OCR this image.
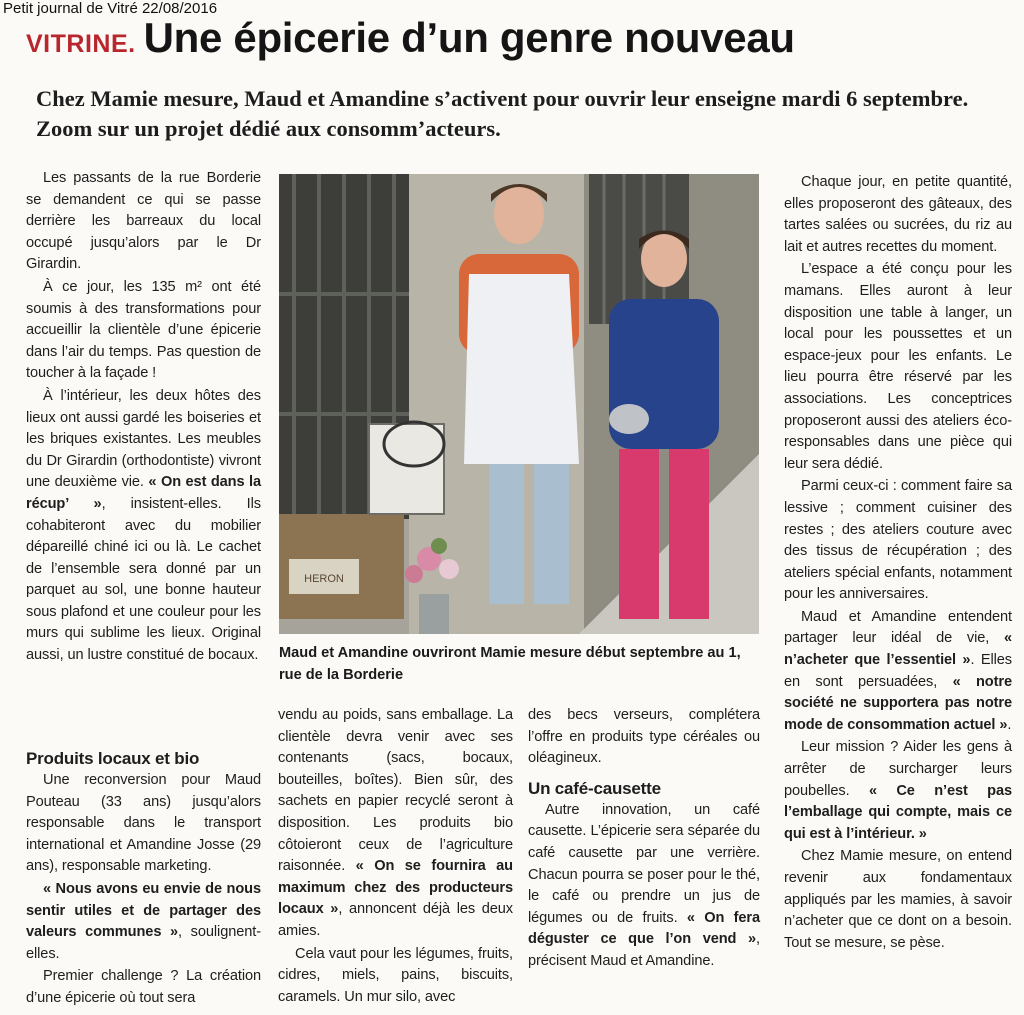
Petit journal de Vitré 22/08/2016
VITRINE. Une épicerie d’un genre nouveau
Chez Mamie mesure, Maud et Amandine s’activent pour ouvrir leur enseigne mardi 6 septembre. Zoom sur un projet dédié aux consomm’acteurs.

Les passants de la rue Borderie se demandent ce qui se passe derrière les barreaux du local occupé jusqu’alors par le Dr Girardin.

À ce jour, les 135 m² ont été soumis à des transformations pour accueillir la clientèle d’une épicerie dans l’air du temps. Pas question de toucher à la façade !

À l’intérieur, les deux hôtes des lieux ont aussi gardé les boiseries et les briques existantes. Les meubles du Dr Girardin (orthodontiste) vivront une deuxième vie. « On est dans la récup’ », insistent-elles. Ils cohabiteront avec du mobilier dépareillé chiné ici ou là. Le cachet de l’ensemble sera donné par un parquet au sol, une bonne hauteur sous plafond et une couleur pour les murs qui sublime les lieux. Original aussi, un lustre constitué de bocaux.

Produits locaux et bio

Une reconversion pour Maud Pouteau (33 ans) jusqu’alors responsable dans le transport international et Amandine Josse (29 ans), responsable marketing.

« Nous avons eu envie de nous sentir utiles et de partager des valeurs communes », soulignent-elles.

Premier challenge ? La création d’une épicerie où tout sera

HERON
Maud et Amandine ouvriront Mamie mesure début septembre au 1, rue de la Borderie

vendu au poids, sans emballage. La clientèle devra venir avec ses contenants (sacs, bocaux, bouteilles, boîtes). Bien sûr, des sachets en papier recyclé seront à disposition. Les produits bio côtoieront ceux de l’agriculture raisonnée. « On se fournira au maximum chez des producteurs locaux », annoncent déjà les deux amies.

Cela vaut pour les légumes, fruits, cidres, miels, pains, biscuits, caramels. Un mur silo, avec

des becs verseurs, complétera l’offre en produits type céréales ou oléagineux.

Un café-causette

Autre innovation, un café causette. L’épicerie sera séparée du café causette par une verrière. Chacun pourra se poser pour le thé, le café ou prendre un jus de légumes ou de fruits. « On fera déguster ce que l’on vend », précisent Maud et Amandine.

Chaque jour, en petite quantité, elles proposeront des gâteaux, des tartes salées ou sucrées, du riz au lait et autres recettes du moment.

L’espace a été conçu pour les mamans. Elles auront à leur disposition une table à langer, un local pour les poussettes et un espace-jeux pour les enfants. Le lieu pourra être réservé par les associations. Les conceptrices proposeront aussi des ateliers éco-responsables dans une pièce qui leur sera dédié.

Parmi ceux-ci : comment faire sa lessive ; comment cuisiner des restes ; des ateliers couture avec des tissus de récupération ; des ateliers spécial enfants, notamment pour les anniversaires.

Maud et Amandine entendent partager leur idéal de vie, « n’acheter que l’essentiel ». Elles en sont persuadées, « notre société ne supportera pas notre mode de consommation actuel ».

Leur mission ? Aider les gens à arrêter de surcharger leurs poubelles. « Ce n’est pas l’emballage qui compte, mais ce qui est à l’intérieur. »

Chez Mamie mesure, on entend revenir aux fondamentaux appliqués par les mamies, à savoir n’acheter que ce dont on a besoin. Tout se mesure, se pèse.
